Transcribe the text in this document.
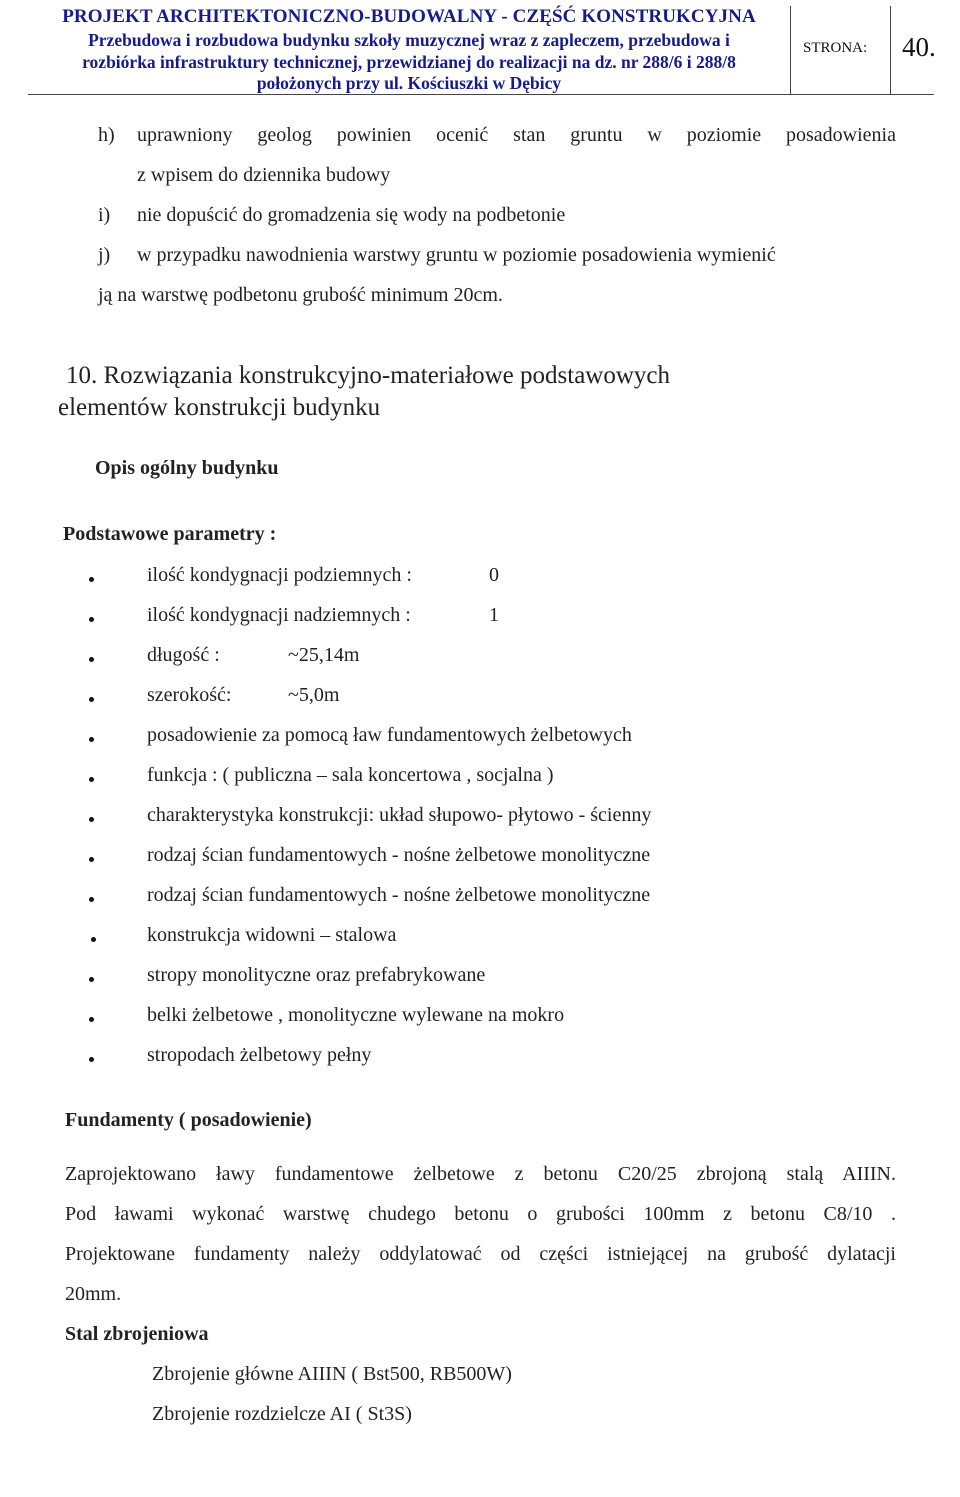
PROJEKT ARCHITEKTONICZNO-BUDOWALNY - CZĘŚĆ KONSTRUKCYJNA
Przebudowa i rozbudowa budynku szkoły muzycznej wraz z zapleczem, przebudowa i
rozbiórka infrastruktury technicznej, przewidzianej do realizacji na dz. nr 288/6 i 288/8
położonych przy ul. Kościuszki w Dębicy
STRONA: 40.
h) uprawniony geolog powinien ocenić stan gruntu w poziomie posadowienia
z wpisem do dziennika budowy
i) nie dopuścić do gromadzenia się wody na podbetonie
j) w przypadku nawodnienia warstwy gruntu w poziomie posadowienia wymienić
ją na warstwę podbetonu grubość minimum 20cm.
10. Rozwiązania konstrukcyjno-materiałowe podstawowych
elementów konstrukcji budynku
Opis ogólny budynku
Podstawowe parametry :
ilość kondygnacji podziemnych :	0
ilość kondygnacji nadziemnych :	1
długość :	~25,14m
szerokość:	~5,0m
posadowienie za pomocą ław fundamentowych żelbetowych
funkcja : ( publiczna – sala koncertowa , socjalna )
charakterystyka konstrukcji: układ słupowo- płytowo - ścienny
rodzaj ścian fundamentowych - nośne żelbetowe monolityczne
rodzaj ścian fundamentowych - nośne żelbetowe monolityczne
konstrukcja widowni – stalowa
stropy monolityczne oraz prefabrykowane
belki żelbetowe , monolityczne wylewane na mokro
stropodach żelbetowy pełny
Fundamenty ( posadowienie)
Zaprojektowano ławy fundamentowe żelbetowe z betonu C20/25 zbrojoną stalą AIIIN.
Pod ławami wykonać warstwę chudego betonu o grubości 100mm z betonu C8/10 .
Projektowane fundamenty należy oddylatować od części istniejącej na grubość dylatacji
20mm.
Stal zbrojeniowa
Zbrojenie główne AIIIN ( Bst500, RB500W)
Zbrojenie rozdzielcze AI ( St3S)
